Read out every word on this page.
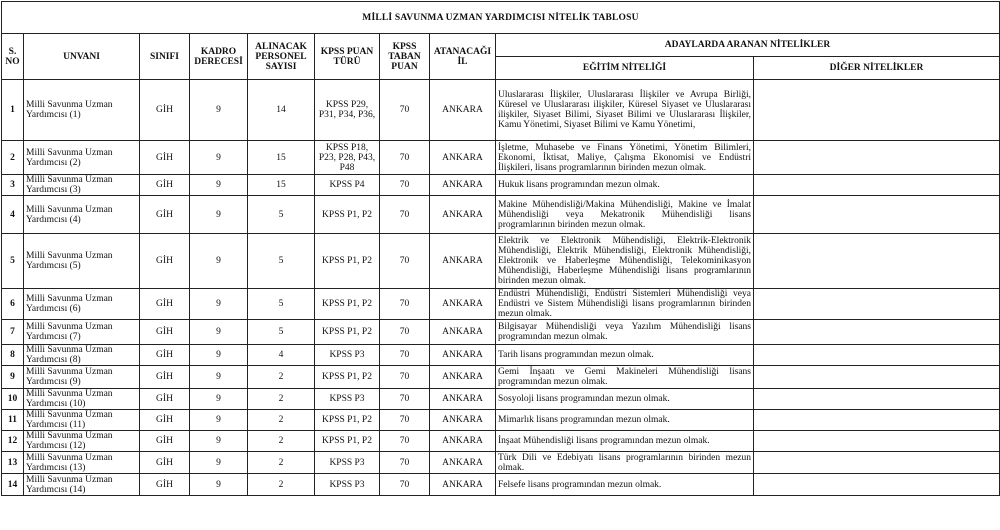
MİLLİ SAVUNMA UZMAN YARDIMCISI NİTELİK TABLOSU									
S. NO	UNVANI	SINIFI	KADRO DERECESİ	ALINACAK PERSONEL SAYISI	KPSS PUAN TÜRÜ	KPSS TABAN PUAN	ATANACAĞI İL	ADAYLARDA ARANAN NİTELİKLER	
								EĞİTİM NİTELİĞİ	DİĞER NİTELİKLER
1	Milli Savunma Uzman Yardımcısı (1)	GİH	9	14	KPSS P29, P31, P34, P36,	70	ANKARA	Uluslararası İlişkiler, Uluslararası İlişkiler ve Avrupa Birliği, Küresel ve Uluslararası ilişkiler, Küresel Siyaset ve Uluslararası ilişkiler, Siyaset Bilimi, Siyaset Bilimi ve Uluslararası İlişkiler, Kamu Yönetimi, Siyaset Bilimi ve Kamu Yönetimi,	
2	Milli Savunma Uzman Yardımcısı (2)	GİH	9	15	KPSS P18, P23, P28, P43, P48	70	ANKARA	İşletme, Muhasebe ve Finans Yönetimi, Yönetim Bilimleri, Ekonomi, İktisat, Maliye, Çalışma Ekonomisi ve Endüstri İlişkileri, lisans programlarının birinden mezun olmak.	
3	Milli Savunma Uzman Yardımcısı (3)	GİH	9	15	KPSS P4	70	ANKARA	Hukuk lisans programından mezun olmak.	
4	Milli Savunma Uzman Yardımcısı (4)	GİH	9	5	KPSS P1, P2	70	ANKARA	Makine Mühendisliği/Makina Mühendisliği, Makine ve İmalat Mühendisliği veya Mekatronik Mühendisliği lisans programlarının birinden mezun olmak.	
5	Milli Savunma Uzman Yardımcısı (5)	GİH	9	5	KPSS P1, P2	70	ANKARA	Elektrik ve Elektronik Mühendisliği, Elektrik-Elektronik Mühendisliği, Elektrik Mühendisliği, Elektronik Mühendisliği, Elektronik ve Haberleşme Mühendisliği, Telekominikasyon Mühendisliği, Haberleşme Mühendisliği lisans programlarının birinden mezun olmak.	
6	Milli Savunma Uzman Yardımcısı (6)	GİH	9	5	KPSS P1, P2	70	ANKARA	Endüstri Mühendisliği, Endüstri Sistemleri Mühendisliği veya Endüstri ve Sistem Mühendisliği lisans programlarının birinden mezun olmak.	
7	Milli Savunma Uzman Yardımcısı (7)	GİH	9	5	KPSS P1, P2	70	ANKARA	Bilgisayar Mühendisliği veya Yazılım Mühendisliği lisans programından mezun olmak.	
8	Milli Savunma Uzman Yardımcısı (8)	GİH	9	4	KPSS P3	70	ANKARA	Tarih lisans programından mezun olmak.	
9	Milli Savunma Uzman Yardımcısı (9)	GİH	9	2	KPSS P1, P2	70	ANKARA	Gemi İnşaatı ve Gemi Makineleri Mühendisliği lisans programından mezun olmak.	
10	Milli Savunma Uzman Yardımcısı (10)	GİH	9	2	KPSS P3	70	ANKARA	Sosyoloji lisans programından mezun olmak.	
11	Milli Savunma Uzman Yardımcısı (11)	GİH	9	2	KPSS P1, P2	70	ANKARA	Mimarlık lisans programından mezun olmak.	
12	Milli Savunma Uzman Yardımcısı (12)	GİH	9	2	KPSS P1, P2	70	ANKARA	İnşaat Mühendisliği lisans programından mezun olmak.	
13	Milli Savunma Uzman Yardımcısı (13)	GİH	9	2	KPSS P3	70	ANKARA	Türk Dili ve Edebiyatı lisans programlarının birinden mezun olmak.	
14	Milli Savunma Uzman Yardımcısı (14)	GİH	9	2	KPSS P3	70	ANKARA	Felsefe lisans programından mezun olmak.	
